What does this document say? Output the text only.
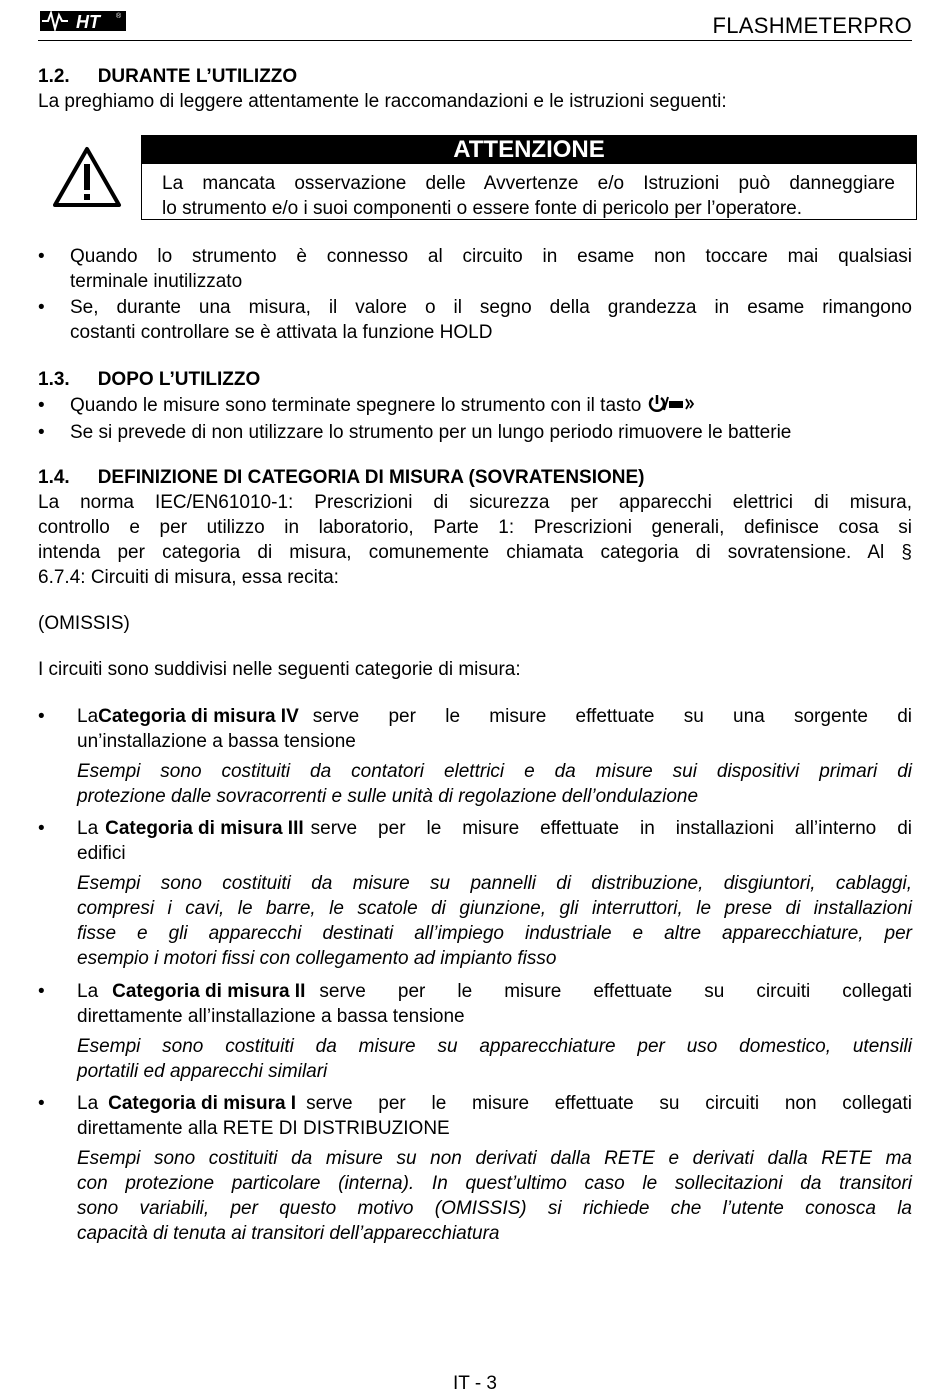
HT ®	FLASHMETERPRO
1.2. DURANTE L’UTILIZZO
La preghiamo di leggere attentamente le raccomandazioni e le istruzioni seguenti:
ATTENZIONE
La mancata osservazione delle Avvertenze e/o Istruzioni può danneggiare
lo strumento e/o i suoi componenti o essere fonte di pericolo per l’operatore.
• Quando lo strumento è connesso al circuito in esame non toccare mai qualsiasi
terminale inutilizzato
• Se, durante una misura, il valore o il segno della grandezza in esame rimangono
costanti controllare se è attivata la funzione HOLD
1.3. DOPO L’UTILIZZO
• Quando le misure sono terminate spegnere lo strumento con il tasto
• Se si prevede di non utilizzare lo strumento per un lungo periodo rimuovere le batterie
1.4. DEFINIZIONE DI CATEGORIA DI MISURA (SOVRATENSIONE)
La norma IEC/EN61010-1: Prescrizioni di sicurezza per apparecchi elettrici di misura,
controllo e per utilizzo in laboratorio, Parte 1: Prescrizioni generali, definisce cosa si
intenda per categoria di misura, comunemente chiamata categoria di sovratensione. Al §
6.7.4: Circuiti di misura, essa recita:
(OMISSIS)
I circuiti sono suddivisi nelle seguenti categorie di misura:
• La Categoria di misura IV serve per le misure effettuate su una sorgente di
un’installazione a bassa tensione
Esempi sono costituiti da contatori elettrici e da misure sui dispositivi primari di
protezione dalle sovracorrenti e sulle unità di regolazione dell’ondulazione
• La Categoria di misura III serve per le misure effettuate in installazioni all’interno di
edifici
Esempi sono costituiti da misure su pannelli di distribuzione, disgiuntori, cablaggi,
compresi i cavi, le barre, le scatole di giunzione, gli interruttori, le prese di installazioni
fisse e gli apparecchi destinati all’impiego industriale e altre apparecchiature, per
esempio i motori fissi con collegamento ad impianto fisso
• La Categoria di misura II serve per le misure effettuate su circuiti collegati
direttamente all’installazione a bassa tensione
Esempi sono costituiti da misure su apparecchiature per uso domestico, utensili
portatili ed apparecchi similari
• La Categoria di misura I serve per le misure effettuate su circuiti non collegati
direttamente alla RETE DI DISTRIBUZIONE
Esempi sono costituiti da misure su non derivati dalla RETE e derivati dalla RETE ma
con protezione particolare (interna). In quest’ultimo caso le sollecitazioni da transitori
sono variabili, per questo motivo (OMISSIS) si richiede che l’utente conosca la
capacità di tenuta ai transitori dell’apparecchiatura
IT - 3
